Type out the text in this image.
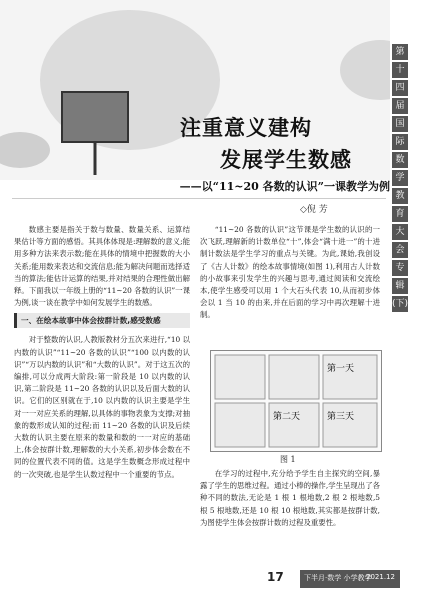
注重意义建构
发展学生数感
——以“11~20 各数的认识”一课教学为例
◇倪 芳
第
十
四
届
国
际
数
学
教
育
大
会
专
辑
(下)

数感主要是指关于数与数量、数量关系、运算结果估计等方面的感悟。其具体体现是:理解数的意义;能用多种方法来表示数;能在具体的情境中把握数的大小关系;能用数来表达和交流信息;能为解决问题而选择适当的算法;能估计运算的结果,并对结果的合理性做出解释。下面我以一年级上册的“11~20 各数的认识”一课为例,谈一谈在教学中如何发展学生的数感。

一、在绘本故事中体会按群计数,感受数感

对于整数的认识,人教版教材分五次来进行,“10 以内数的认识”“11~20 各数的认识”“100 以内数的认识”“万以内数的认识”和“大数的认识”。对于这五次的编排,可以分成两大阶段:第一阶段是 10 以内数的认识,第二阶段是 11~20 各数的认识以及后面大数的认识。它们的区别就在于,10 以内数的认识主要是学生对一一对应关系的理解,以具体的事物表象为支撑;对抽象的数形成认知的过程;而 11~20 各数的认识及后续大数的认识主要在原来的数量和数的一一对应的基础上,体会按群计数,理解数的大小关系,初步体会数在不同的位置代表不同的值。这是学生数概念形成过程中的一次突破,也是学生认数过程中一个重要的节点。

“11~20 各数的认识”这节课是学生数的认识的一次飞跃,理解新的计数单位“十”,体会“满十进一”的十进制计数法是学生学习的重点与关键。为此,课始,我创设了《古人计数》的绘本故事情境(如图 1),利用古人计数的小故事来引发学生的兴趣与思考,通过阅读和交流绘本,使学生感受可以用 1 个大石头代表 10,从而初步体会以 1 当 10 的由来,并在后面的学习中再次理解十进制。

第一天
第二天	第三天
图 1

在学习的过程中,充分给予学生自主探究的空间,暴露了学生的思维过程。通过小棒的操作,学生呈现出了各种不同的数法,无论是 1 根 1 根地数,2 根 2 根地数,5 根 5 根地数,还是 10 根 10 根地数,其实都是按群计数,为图使学生体会按群计数的过程及重要性。

17	下半月·数学 小学教学
2021.12
